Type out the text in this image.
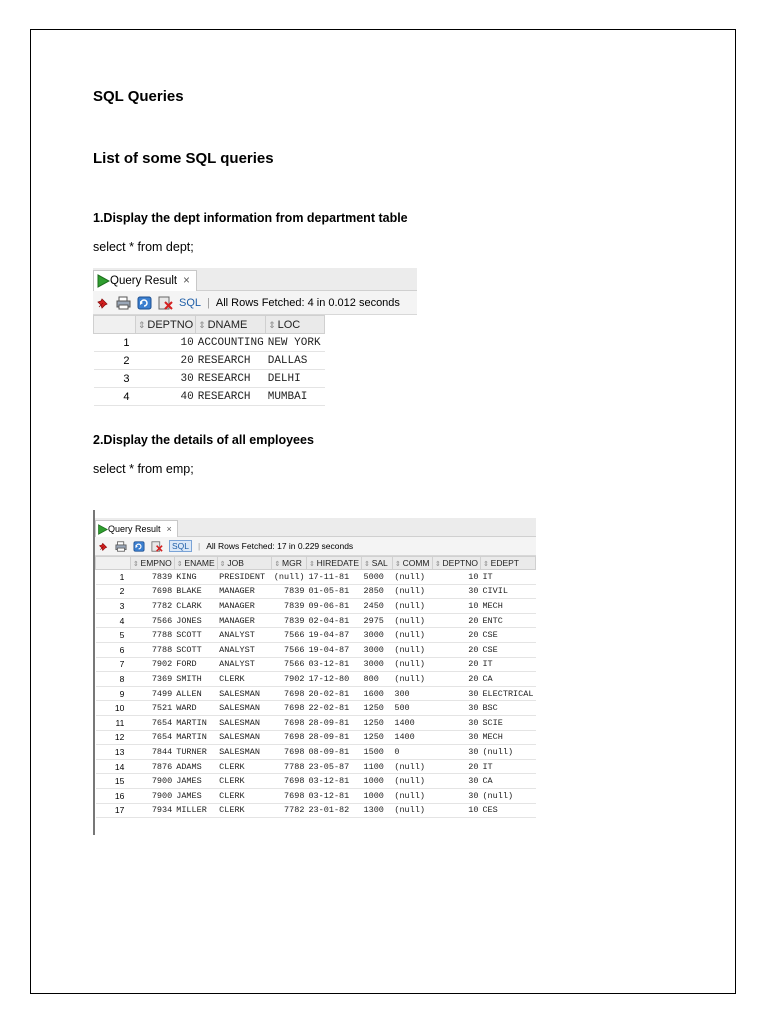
SQL Queries
List of some SQL queries
1.Display the dept information from department table
select * from dept;
Query Result ×
SQL | All Rows Fetched: 4 in 0.012 seconds
	⇕ DEPTNO	⇕ DNAME	⇕ LOC
1	10	ACCOUNTING	NEW YORK
2	20	RESEARCH	DALLAS
3	30	RESEARCH	DELHI
4	40	RESEARCH	MUMBAI
2.Display the details of all employees
select * from emp;
Query Result ×
SQL	| All Rows Fetched: 17 in 0.229 seconds
	⇕ EMPNO	⇕ ENAME	⇕ JOB	⇕ MGR	⇕ HIREDATE	⇕ SAL	⇕ COMM	⇕ DEPTNO	⇕ EDEPT
1	7839	KING	PRESIDENT	(null)	17-11-81	5000	(null)	10	IT
2	7698	BLAKE	MANAGER	7839	01-05-81	2850	(null)	30	CIVIL
3	7782	CLARK	MANAGER	7839	09-06-81	2450	(null)	10	MECH
4	7566	JONES	MANAGER	7839	02-04-81	2975	(null)	20	ENTC
5	7788	SCOTT	ANALYST	7566	19-04-87	3000	(null)	20	CSE
6	7788	SCOTT	ANALYST	7566	19-04-87	3000	(null)	20	CSE
7	7902	FORD	ANALYST	7566	03-12-81	3000	(null)	20	IT
8	7369	SMITH	CLERK	7902	17-12-80	800	(null)	20	CA
9	7499	ALLEN	SALESMAN	7698	20-02-81	1600	300	30	ELECTRICAL
10	7521	WARD	SALESMAN	7698	22-02-81	1250	500	30	BSC
11	7654	MARTIN	SALESMAN	7698	28-09-81	1250	1400	30	SCIE
12	7654	MARTIN	SALESMAN	7698	28-09-81	1250	1400	30	MECH
13	7844	TURNER	SALESMAN	7698	08-09-81	1500	0	30	(null)
14	7876	ADAMS	CLERK	7788	23-05-87	1100	(null)	20	IT
15	7900	JAMES	CLERK	7698	03-12-81	1000	(null)	30	CA
16	7900	JAMES	CLERK	7698	03-12-81	1000	(null)	30	(null)
17	7934	MILLER	CLERK	7782	23-01-82	1300	(null)	10	CES
